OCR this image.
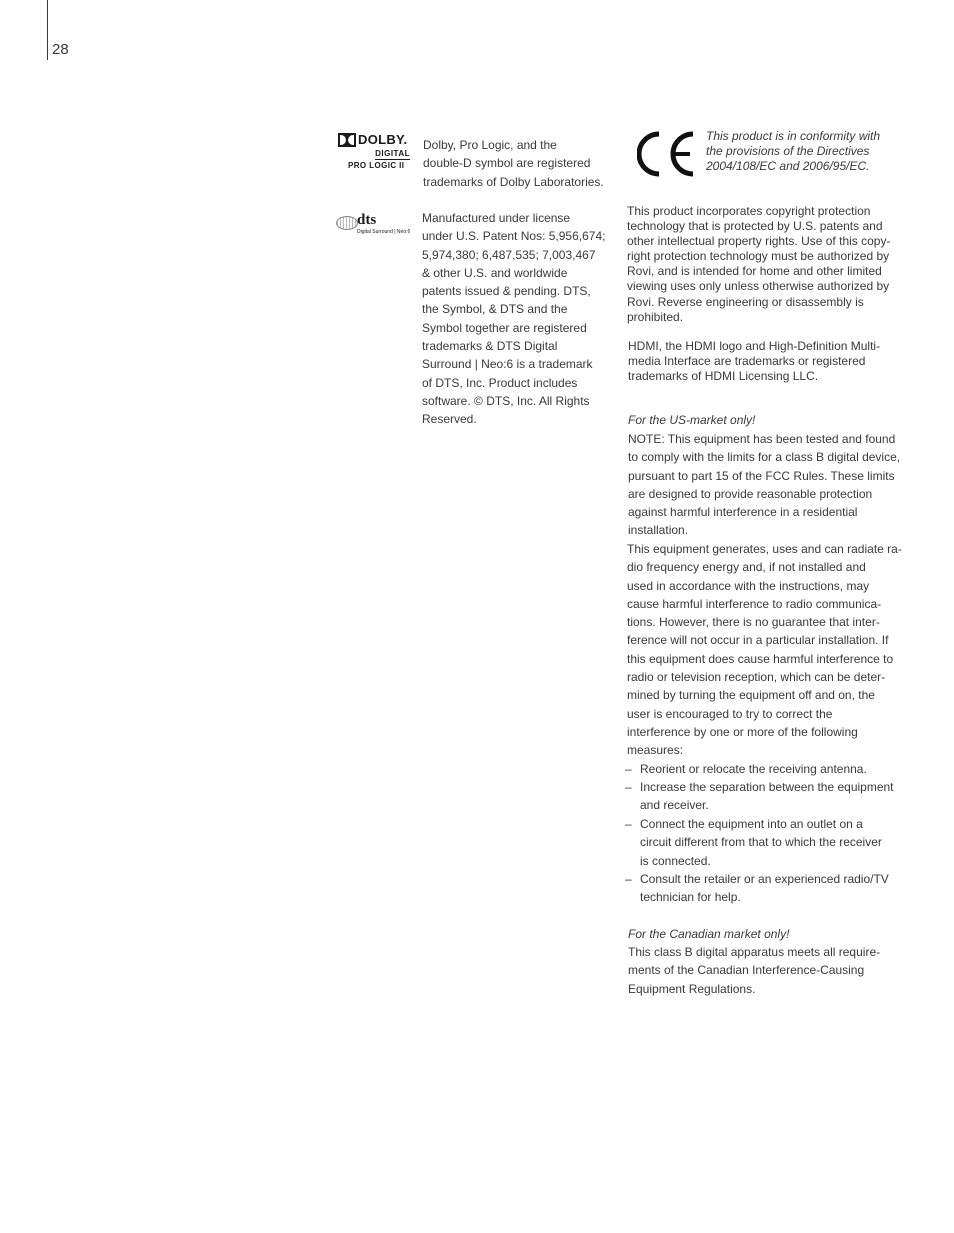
28
DOLBY.
DIGITAL
PRO LOGIC II

Dolby, Pro Logic, and the
double-D symbol are registered
trademarks of Dolby Laboratories.

dts
Digital Surround | Neo:6

Manufactured under license
under U.S. Patent Nos: 5,956,674;
5,974,380; 6,487,535; 7,003,467
& other U.S. and worldwide
patents issued & pending. DTS,
the Symbol, & DTS and the
Symbol together are registered
trademarks & DTS Digital
Surround | Neo:6 is a trademark
of DTS, Inc. Product includes
software. © DTS, Inc. All Rights
Reserved.

This product is in conformity with
the provisions of the Directives
2004/108/EC and 2006/95/EC.

This product incorporates copyright protection
technology that is protected by U.S. patents and
other intellectual property rights. Use of this copy-
right protection technology must be authorized by
Rovi, and is intended for home and other limited
viewing uses only unless otherwise authorized by
Rovi. Reverse engineering or disassembly is
prohibited.

HDMI, the HDMI logo and High-Definition Multi-
media Interface are trademarks or registered
trademarks of HDMI Licensing LLC.

For the US-market only!

NOTE: This equipment has been tested and found
to comply with the limits for a class B digital device,
pursuant to part 15 of the FCC Rules. These limits
are designed to provide reasonable protection
against harmful interference in a residential
installation.

This equipment generates, uses and can radiate ra-
dio frequency energy and, if not installed and
used in accordance with the instructions, may
cause harmful interference to radio communica-
tions. However, there is no guarantee that inter-
ference will not occur in a particular installation. If
this equipment does cause harmful interference to
radio or television reception, which can be deter-
mined by turning the equipment off and on, the
user is encouraged to try to correct the
interference by one or more of the following
measures:

– Reorient or relocate the receiving antenna.

– Increase the separation between the equipment
and receiver.

– Connect the equipment into an outlet on a
circuit different from that to which the receiver
is connected.

– Consult the retailer or an experienced radio/TV
technician for help.

For the Canadian market only!

This class B digital apparatus meets all require-
ments of the Canadian Interference-Causing
Equipment Regulations.
